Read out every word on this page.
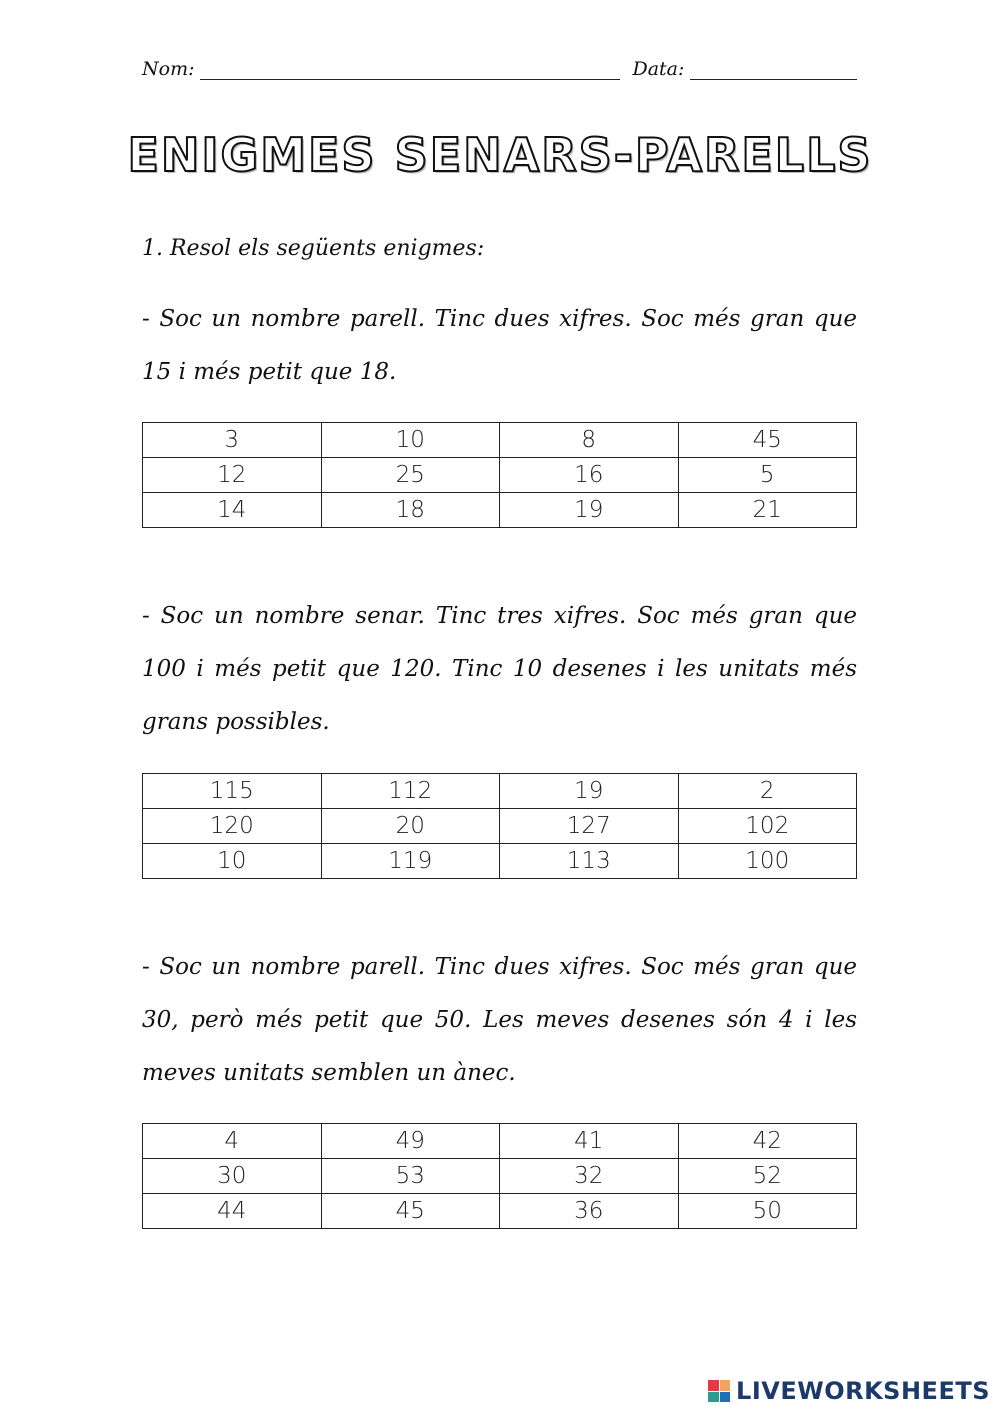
Nom:	Data:
ENIGMES SENARS-PARELLS
1. Resol els següents enigmes:
- Soc un nombre parell. Tinc dues xifres. Soc més gran que 15 i més petit que 18.
3	10	8	45
12	25	16	5
14	18	19	21
- Soc un nombre senar. Tinc tres xifres. Soc més gran que 100 i més petit que 120. Tinc 10 desenes i les unitats més grans possibles.
115	112	19	2
120	20	127	102
10	119	113	100
- Soc un nombre parell. Tinc dues xifres. Soc més gran que 30, però més petit que 50. Les meves desenes són 4 i les meves unitats semblen un ànec.
4	49	41	42
30	53	32	52
44	45	36	50
LIVEWORKSHEETS
